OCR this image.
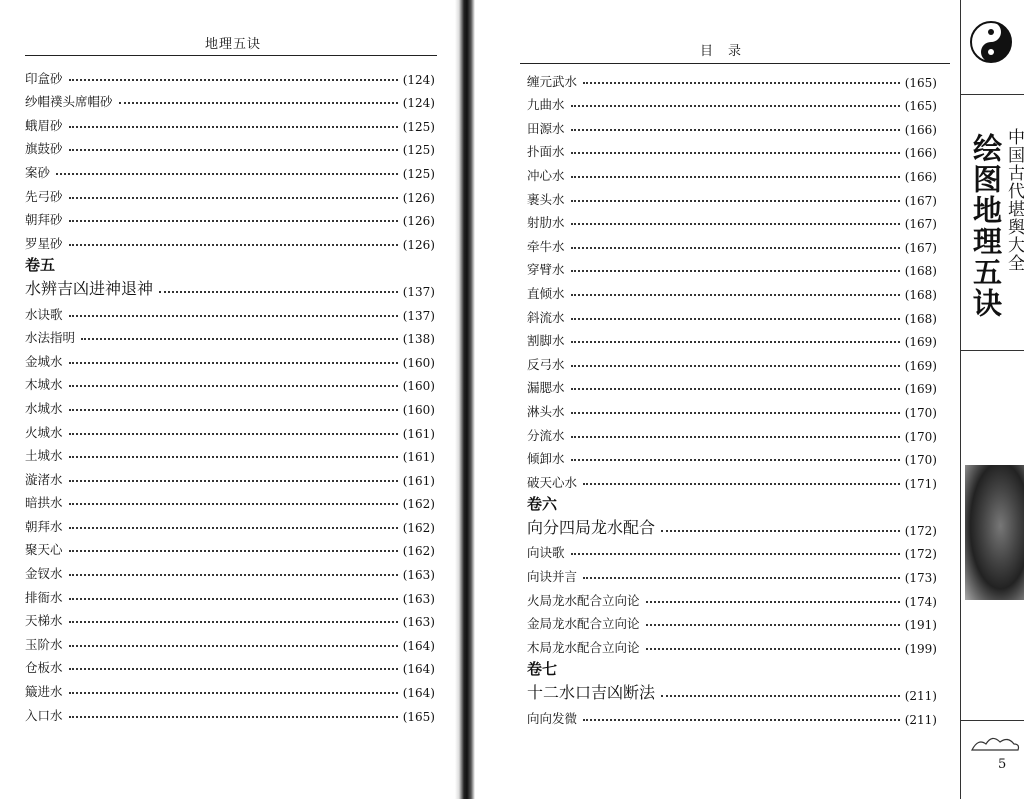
地理五诀
印盒砂	(124)
纱帽襆头席帽砂	(124)
蛾眉砂	(125)
旗鼓砂	(125)
案砂	(125)
先弓砂	(126)
朝拜砂	(126)
罗星砂	(126)
卷五
水辨吉凶进神退神	(137)
水诀歌	(137)
水法指明	(138)
金城水	(160)
木城水	(160)
水城水	(160)
火城水	(161)
土城水	(161)
漩渚水	(161)
暗拱水	(162)
朝拜水	(162)
聚天心	(162)
金钗水	(163)
排衙水	(163)
天梯水	(163)
玉阶水	(164)
仓板水	(164)
簸进水	(164)
入口水	(165)
目　录
缠元武水	(165)
九曲水	(165)
田源水	(166)
扑面水	(166)
冲心水	(166)
裹头水	(167)
射肋水	(167)
牵牛水	(167)
穿臂水	(168)
直倾水	(168)
斜流水	(168)
割脚水	(169)
反弓水	(169)
漏腮水	(169)
淋头水	(170)
分流水	(170)
倾卸水	(170)
破天心水	(171)
卷六
向分四局龙水配合	(172)
向诀歌	(172)
向诀并言	(173)
火局龙水配合立向论	(174)
金局龙水配合立向论	(191)
木局龙水配合立向论	(199)
卷七
十二水口吉凶断法	(211)
向向发微	(211)
绘图地理五诀 中国古代堪舆大全
5
